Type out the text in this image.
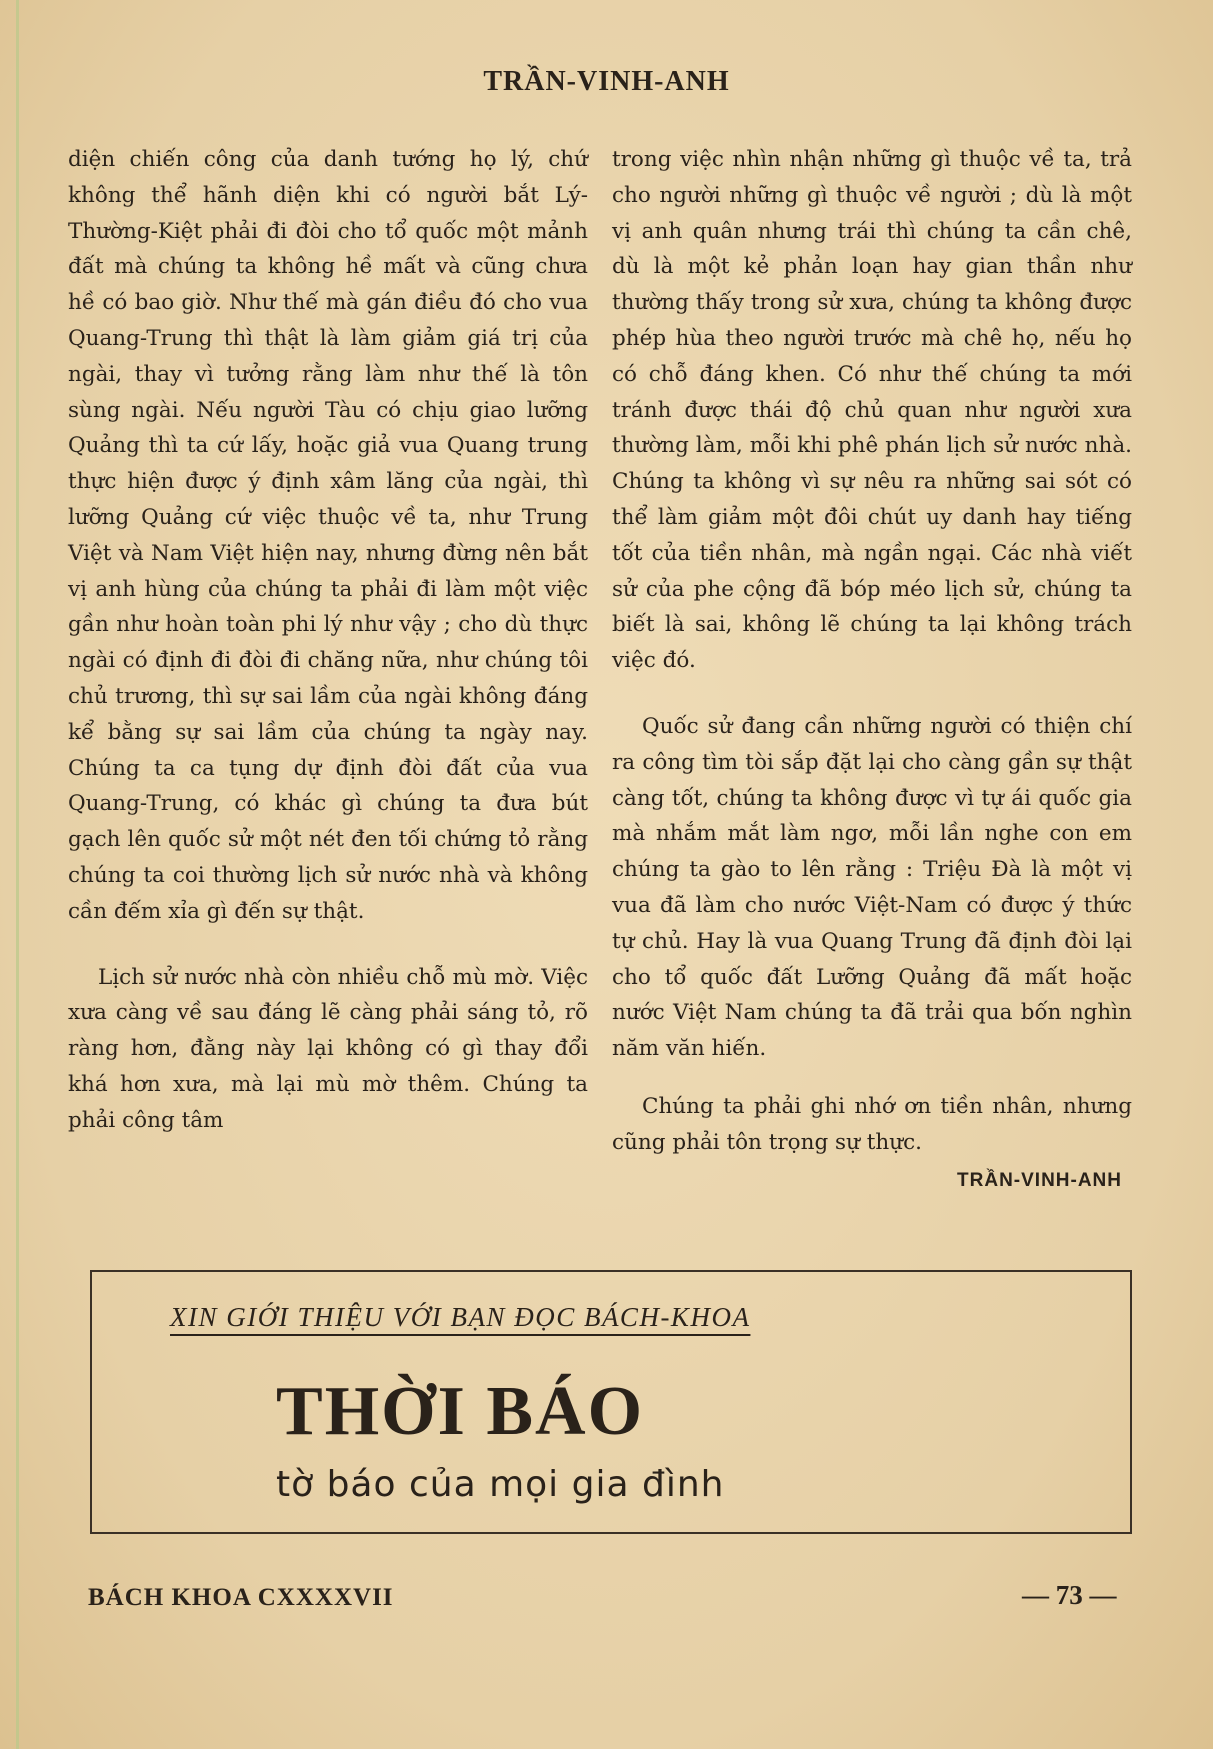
TRẦN-VINH-ANH

diện chiến công của danh tướng họ lý, chứ không thể hãnh diện khi có người bắt Lý-Thường-Kiệt phải đi đòi cho tổ quốc một mảnh đất mà chúng ta không hề mất và cũng chưa hề có bao giờ. Như thế mà gán điều đó cho vua Quang-Trung thì thật là làm giảm giá trị của ngài, thay vì tưởng rằng làm như thế là tôn sùng ngài. Nếu người Tàu có chịu giao lưỡng Quảng thì ta cứ lấy, hoặc giả vua Quang trung thực hiện được ý định xâm lăng của ngài, thì lưỡng Quảng cứ việc thuộc về ta, như Trung Việt và Nam Việt hiện nay, nhưng đừng nên bắt vị anh hùng của chúng ta phải đi làm một việc gần như hoàn toàn phi lý như vậy ; cho dù thực ngài có định đi đòi đi chăng nữa, như chúng tôi chủ trương, thì sự sai lầm của ngài không đáng kể bằng sự sai lầm của chúng ta ngày nay. Chúng ta ca tụng dự định đòi đất của vua Quang-Trung, có khác gì chúng ta đưa bút gạch lên quốc sử một nét đen tối chứng tỏ rằng chúng ta coi thường lịch sử nước nhà và không cần đếm xỉa gì đến sự thật.

Lịch sử nước nhà còn nhiều chỗ mù mờ. Việc xưa càng về sau đáng lẽ càng phải sáng tỏ, rõ ràng hơn, đằng này lại không có gì thay đổi khá hơn xưa, mà lại mù mờ thêm. Chúng ta phải công tâm

trong việc nhìn nhận những gì thuộc về ta, trả cho người những gì thuộc về người ; dù là một vị anh quân nhưng trái thì chúng ta cần chê, dù là một kẻ phản loạn hay gian thần như thường thấy trong sử xưa, chúng ta không được phép hùa theo người trước mà chê họ, nếu họ có chỗ đáng khen. Có như thế chúng ta mới tránh được thái độ chủ quan như người xưa thường làm, mỗi khi phê phán lịch sử nước nhà. Chúng ta không vì sự nêu ra những sai sót có thể làm giảm một đôi chút uy danh hay tiếng tốt của tiền nhân, mà ngần ngại. Các nhà viết sử của phe cộng đã bóp méo lịch sử, chúng ta biết là sai, không lẽ chúng ta lại không trách việc đó.

Quốc sử đang cần những người có thiện chí ra công tìm tòi sắp đặt lại cho càng gần sự thật càng tốt, chúng ta không được vì tự ái quốc gia mà nhắm mắt làm ngơ, mỗi lần nghe con em chúng ta gào to lên rằng : Triệu Đà là một vị vua đã làm cho nước Việt-Nam có được ý thức tự chủ. Hay là vua Quang Trung đã định đòi lại cho tổ quốc đất Lưỡng Quảng đã mất hoặc nước Việt Nam chúng ta đã trải qua bốn nghìn năm văn hiến.

Chúng ta phải ghi nhớ ơn tiền nhân, nhưng cũng phải tôn trọng sự thực.

TRẦN-VINH-ANH
XIN GIỚI THIỆU VỚI BẠN ĐỌC BÁCH-KHOA
THỜI BÁO
tờ báo của mọi gia đình
BÁCH KHOA CXXXXVII	— 73 —
